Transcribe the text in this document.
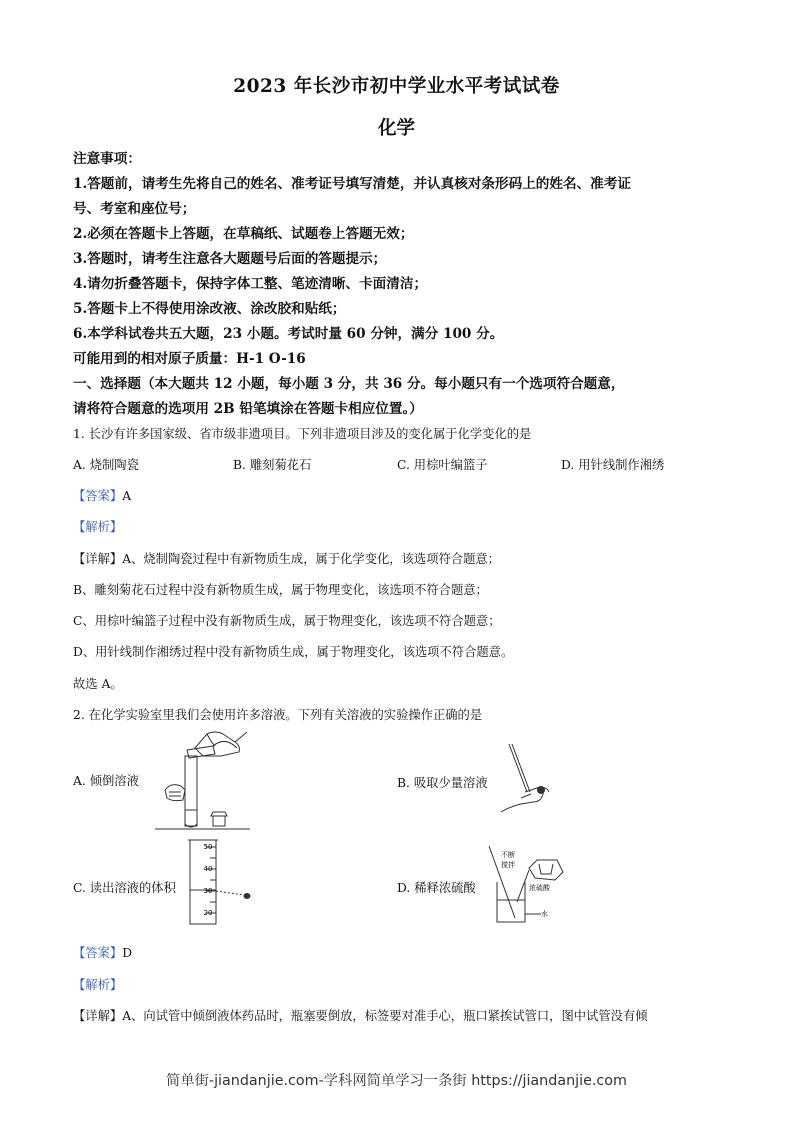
2023 年长沙市初中学业水平考试试卷
化学
注意事项：
1.答题前，请考生先将自己的姓名、准考证号填写清楚，并认真核对条形码上的姓名、准考证
号、考室和座位号；
2.必须在答题卡上答题，在草稿纸、试题卷上答题无效；
3.答题时，请考生注意各大题题号后面的答题提示；
4.请勿折叠答题卡，保持字体工整、笔迹清晰、卡面清洁；
5.答题卡上不得使用涂改液、涂改胶和贴纸；
6.本学科试卷共五大题，23 小题。考试时量 60 分钟，满分 100 分。
可能用到的相对原子质量：H-1 O-16
一、选择题（本大题共 12 小题，每小题 3 分，共 36 分。每小题只有一个选项符合题意，
请将符合题意的选项用 2B 铅笔填涂在答题卡相应位置。）
1. 长沙有许多国家级、省市级非遗项目。下列非遗项目涉及的变化属于化学变化的是
A. 烧制陶瓷	B. 雕刻菊花石	C. 用棕叶编篮子	D. 用针线制作湘绣
【答案】A
【解析】
【详解】A、烧制陶瓷过程中有新物质生成，属于化学变化，该选项符合题意；
B、雕刻菊花石过程中没有新物质生成，属于物理变化，该选项不符合题意；
C、用棕叶编篮子过程中没有新物质生成，属于物理变化，该选项不符合题意；
D、用针线制作湘绣过程中没有新物质生成，属于物理变化，该选项不符合题意。
故选 A。
2. 在化学实验室里我们会使用许多溶液。下列有关溶液的实验操作正确的是
A. 倾倒溶液	B. 吸取少量溶液
C. 读出溶液的体积
50
40
30
20
D. 稀释浓硫酸
不断
搅拌
浓硫酸
水
【答案】D
【解析】
【详解】A、向试管中倾倒液体药品时，瓶塞要倒放，标签要对准手心，瓶口紧挨试管口，图中试管没有倾
简单街-jiandanjie.com-学科网简单学习一条街 https://jiandanjie.com
